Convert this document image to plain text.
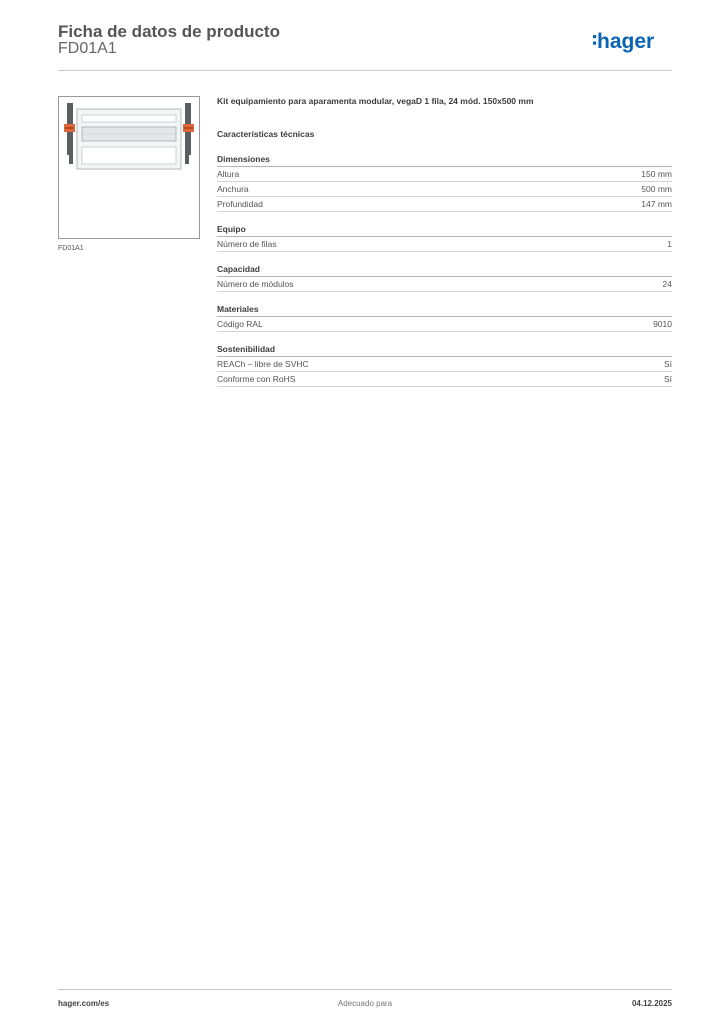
Ficha de datos de producto
FD01A1	hager
FD01A1
Kit equipamiento para aparamenta modular, vegaD 1 fila, 24 mód. 150x500 mm
Características técnicas
Dimensiones
Altura	150 mm
Anchura	500 mm
Profundidad	147 mm
Equipo
Número de filas	1
Capacidad
Número de módulos	24
Materiales
Código RAL	9010
Sostenibilidad
REACh – libre de SVHC	Sí
Conforme con RoHS	Sí
hager.com/es	Adecuado para	04.12.2025
